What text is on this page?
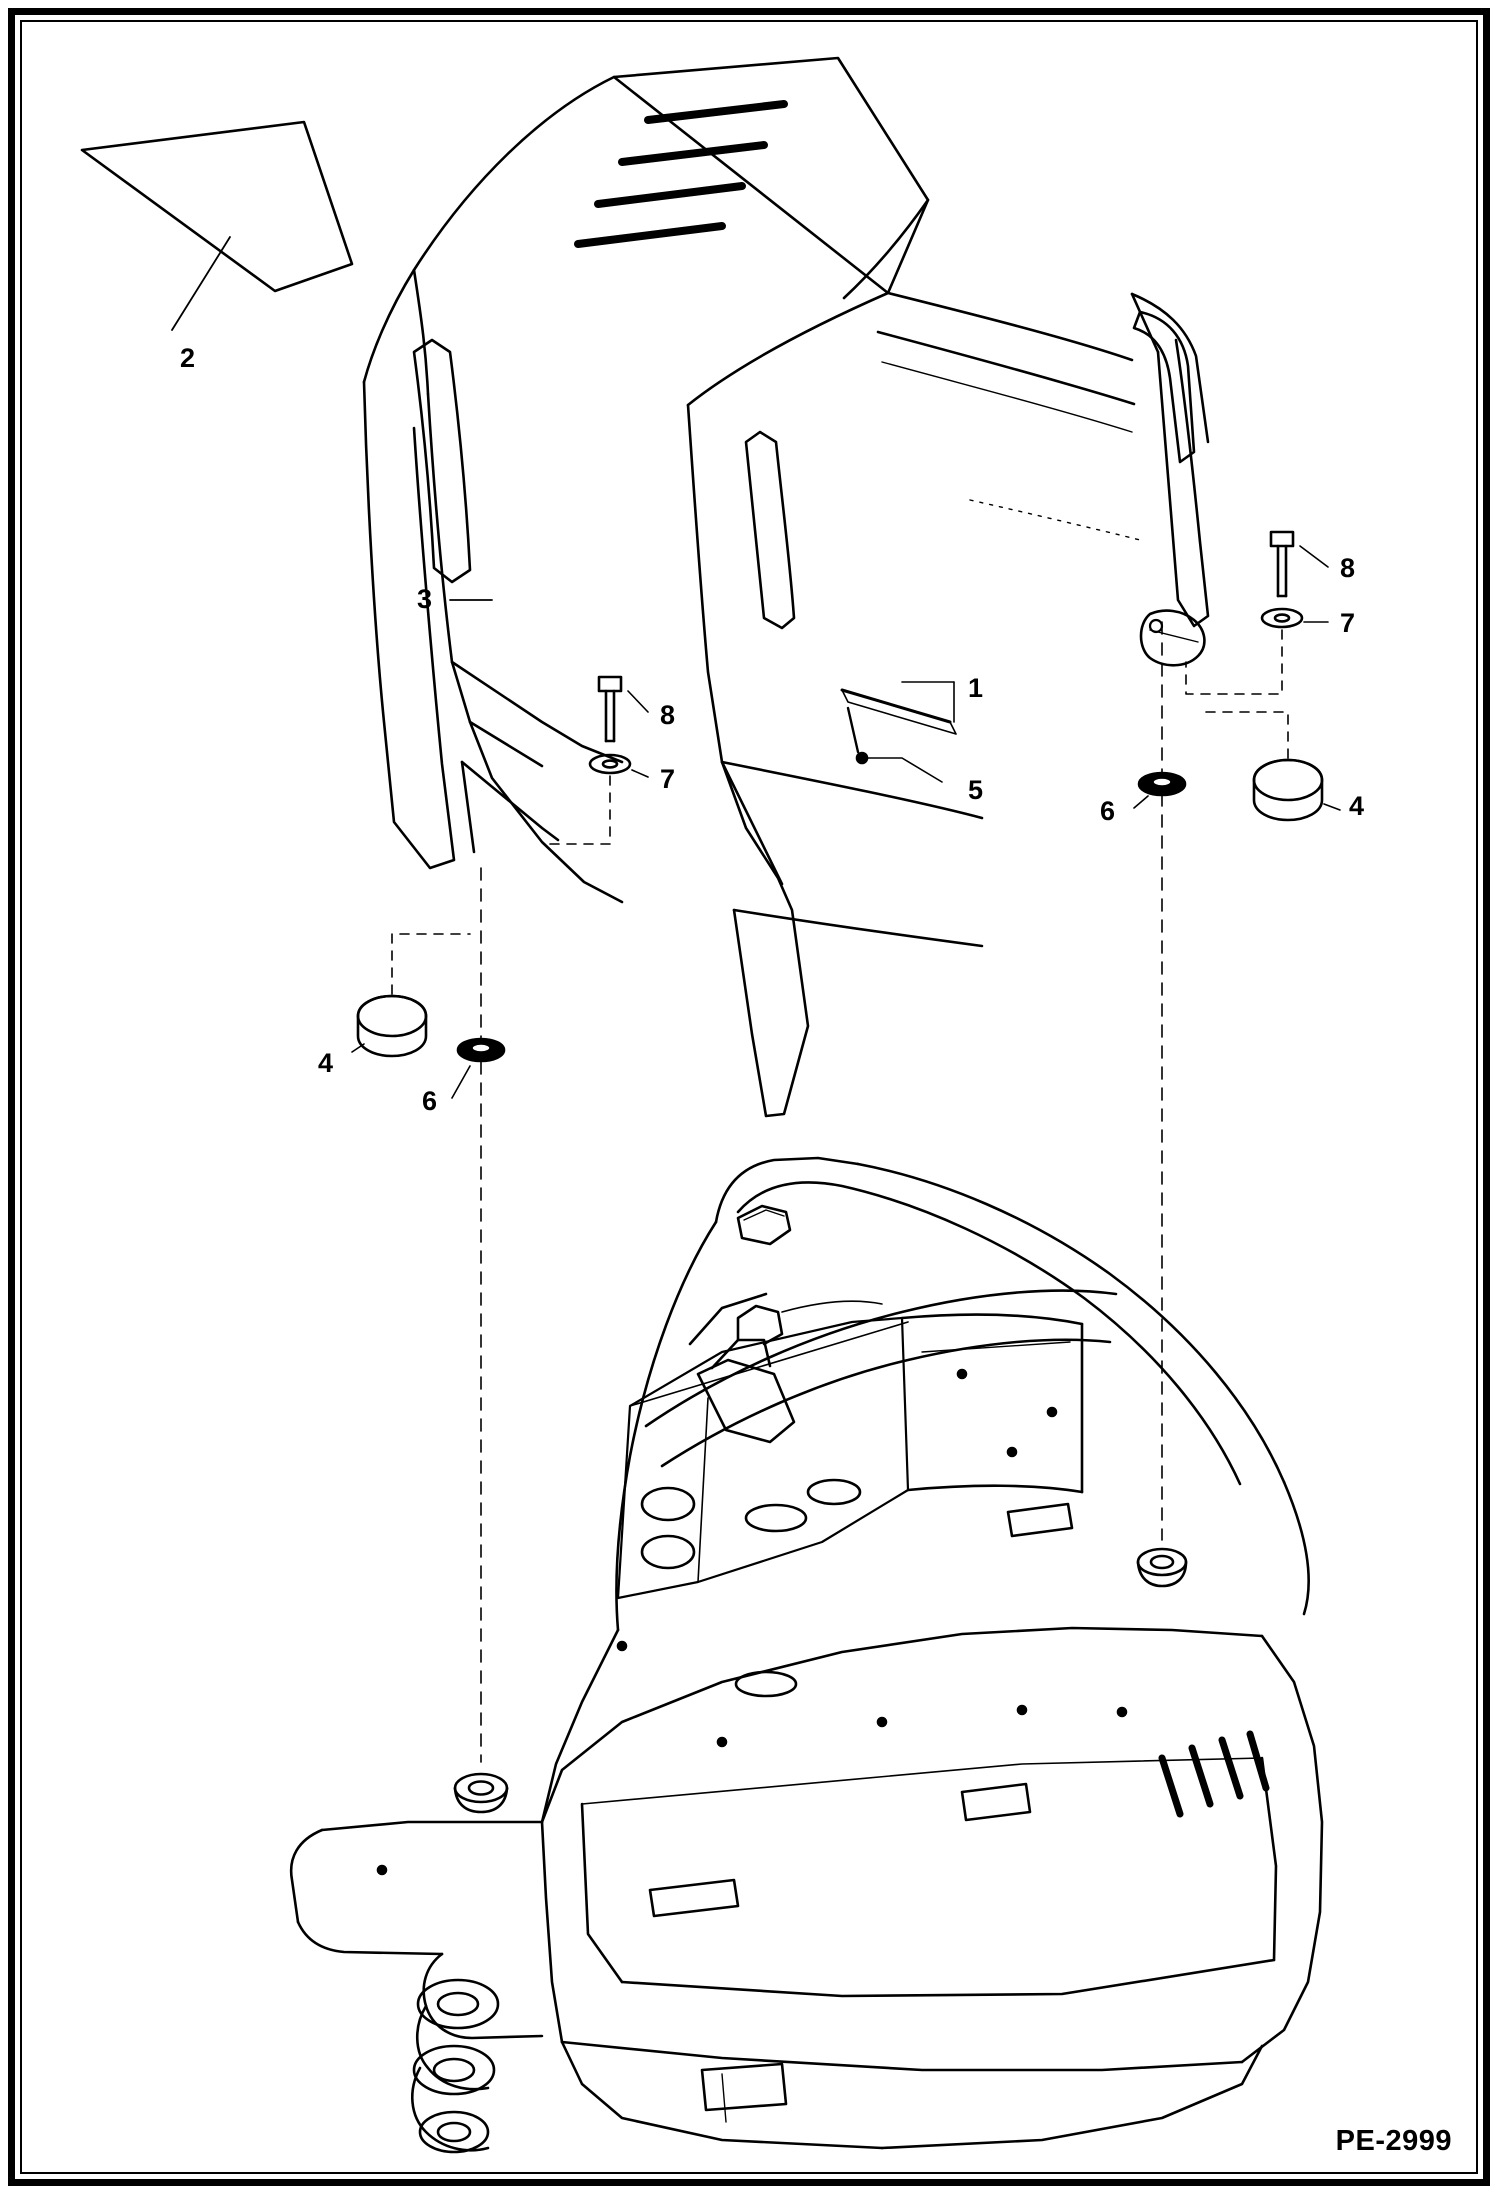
1
2
3
4
4
5
6
6
7
7
8
8
PE-2999
